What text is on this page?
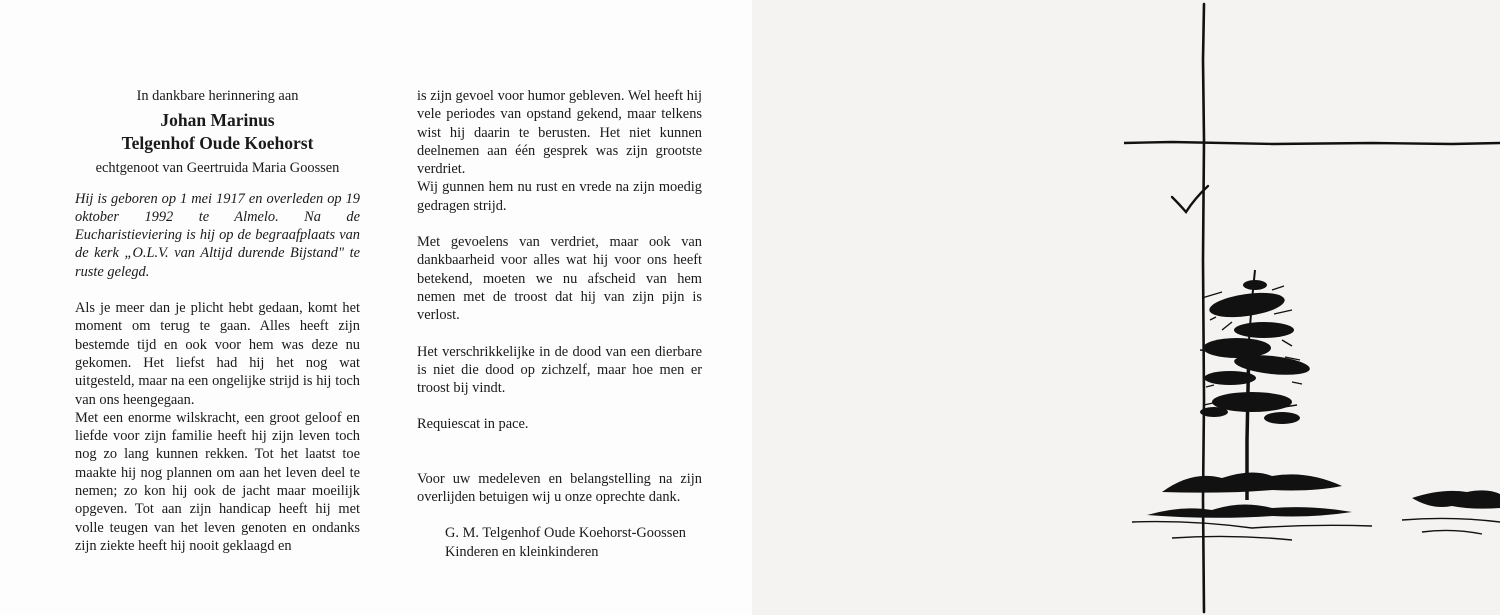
In dankbare herinnering aan
Johan Marinus
Telgenhof Oude Koehorst
echtgenoot van Geertruida Maria Goossen
Hij is geboren op 1 mei 1917 en overleden op 19 oktober 1992 te Almelo. Na de Eucharistieviering is hij op de begraafplaats van de kerk „O.L.V. van Altijd durende Bijstand" te ruste gelegd.
Als je meer dan je plicht hebt gedaan, komt het moment om terug te gaan. Alles heeft zijn bestemde tijd en ook voor hem was deze nu gekomen. Het liefst had hij het nog wat uitgesteld, maar na een ongelijke strijd is hij toch van ons heengegaan.
Met een enorme wilskracht, een groot geloof en liefde voor zijn familie heeft hij zijn leven toch nog zo lang kunnen rekken. Tot het laatst toe maakte hij nog plannen om aan het leven deel te nemen; zo kon hij ook de jacht maar moeilijk opgeven. Tot aan zijn handicap heeft hij met volle teugen van het leven genoten en ondanks zijn ziekte heeft hij nooit geklaagd en
is zijn gevoel voor humor gebleven. Wel heeft hij vele periodes van opstand gekend, maar telkens wist hij daarin te berusten. Het niet kunnen deelnemen aan één gesprek was zijn grootste verdriet.
Wij gunnen hem nu rust en vrede na zijn moedig gedragen strijd.
Met gevoelens van verdriet, maar ook van dankbaarheid voor alles wat hij voor ons heeft betekend, moeten we nu afscheid van hem nemen met de troost dat hij van zijn pijn is verlost.
Het verschrikkelijke in de dood van een dierbare is niet die dood op zichzelf, maar hoe men er troost bij vindt.
Requiescat in pace.
Voor uw medeleven en belangstelling na zijn overlijden betuigen wij u onze oprechte dank.
G. M. Telgenhof Oude Koehorst-Goossen
Kinderen en kleinkinderen
